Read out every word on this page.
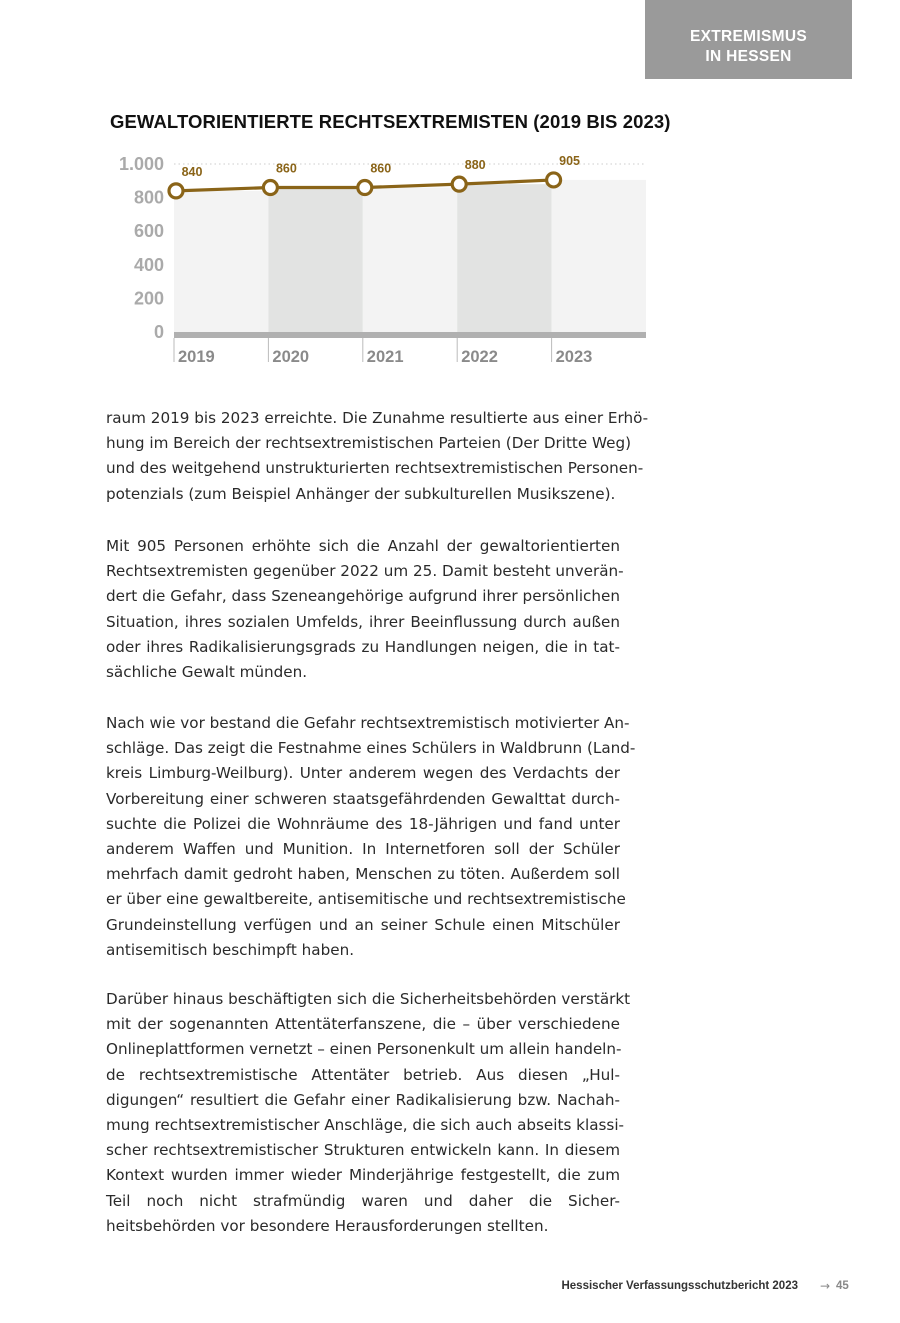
EXTREMISMUS
IN HESSEN
GEWALTORIENTIERTE RECHTSEXTREMISTEN (2019 BIS 2023)
0
200
400
600
800
1.000
2019	2020	2021	2022	2023
840	860	860	880	905
raum 2019 bis 2023 erreichte. Die Zunahme resultierte aus einer Erhö-
hung im Bereich der rechtsextremistischen Parteien (Der Dritte Weg)
und des weitgehend unstrukturierten rechtsextremistischen Personen-
potenzials (zum Beispiel Anhänger der subkulturellen Musikszene).
Mit 905 Personen erhöhte sich die Anzahl der gewaltorientierten
Rechtsextremisten gegenüber 2022 um 25. Damit besteht unverän-
dert die Gefahr, dass Szeneangehörige aufgrund ihrer persönlichen
Situation, ihres sozialen Umfelds, ihrer Beeinflussung durch außen
oder ihres Radikalisierungsgrads zu Handlungen neigen, die in tat-
sächliche Gewalt münden.
Nach wie vor bestand die Gefahr rechtsextremistisch motivierter An-
schläge. Das zeigt die Festnahme eines Schülers in Waldbrunn (Land-
kreis Limburg-Weilburg). Unter anderem wegen des Verdachts der
Vorbereitung einer schweren staatsgefährdenden Gewalttat durch-
suchte die Polizei die Wohnräume des 18-Jährigen und fand unter
anderem Waffen und Munition. In Internetforen soll der Schüler
mehrfach damit gedroht haben, Menschen zu töten. Außerdem soll
er über eine gewaltbereite, antisemitische und rechtsextremistische
Grundeinstellung verfügen und an seiner Schule einen Mitschüler
antisemitisch beschimpft haben.
Darüber hinaus beschäftigten sich die Sicherheitsbehörden verstärkt
mit der sogenannten Attentäterfanszene, die – über verschiedene
Onlineplattformen vernetzt – einen Personenkult um allein handeln-
de rechtsextremistische Attentäter betrieb. Aus diesen „Hul-
digungen“ resultiert die Gefahr einer Radikalisierung bzw. Nachah-
mung rechtsextremistischer Anschläge, die sich auch abseits klassi-
scher rechtsextremistischer Strukturen entwickeln kann. In diesem
Kontext wurden immer wieder Minderjährige festgestellt, die zum
Teil noch nicht strafmündig waren und daher die Sicher-
heitsbehörden vor besondere Herausforderungen stellten.
Hessischer Verfassungsschutzbericht 2023 → 45
